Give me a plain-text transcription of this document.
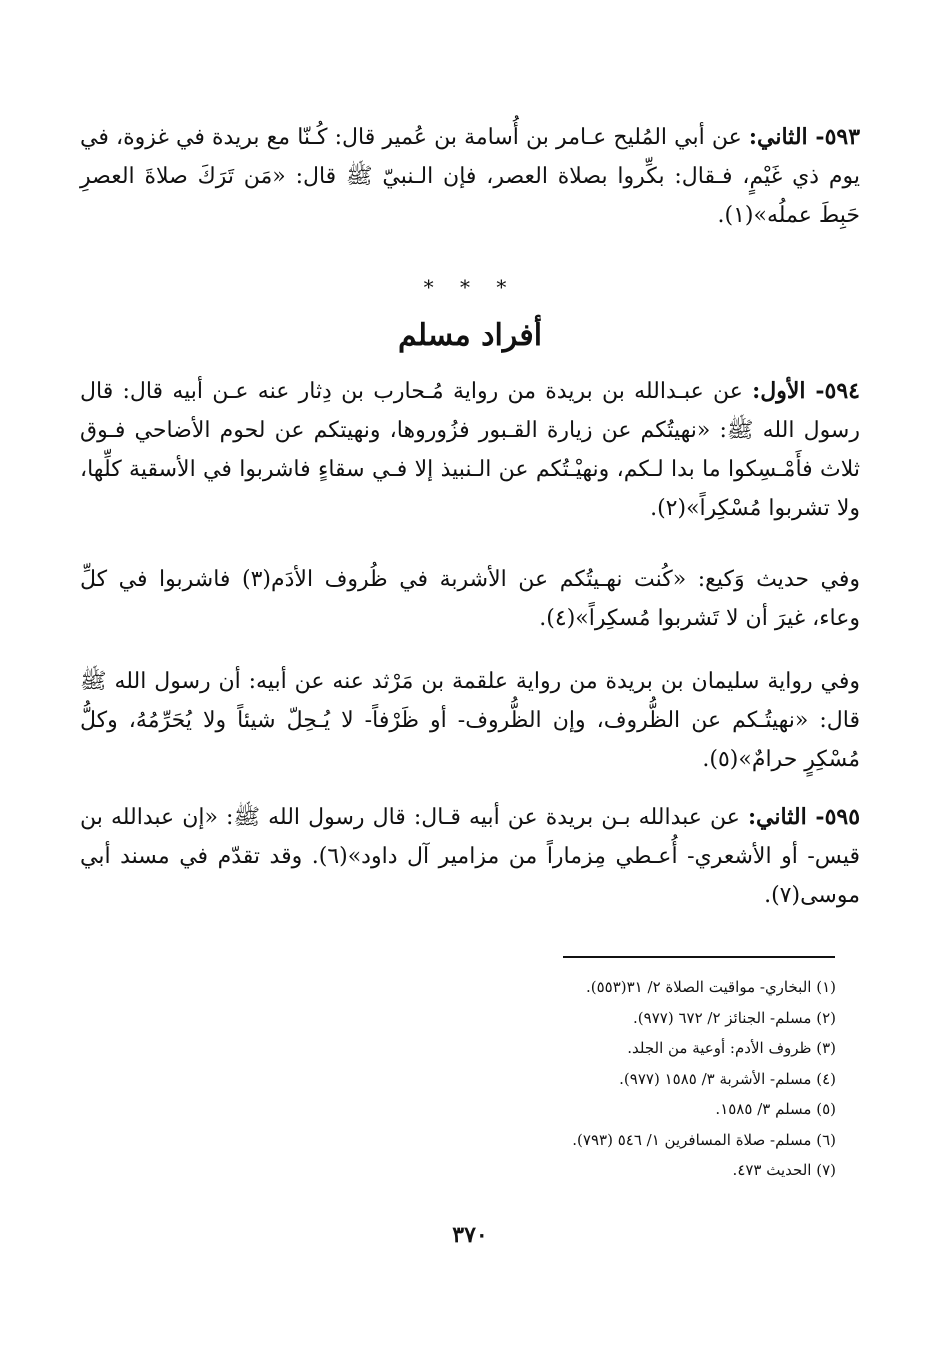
٥٩٣- الثاني: عن أبي المُليح عـامر بن أُسامة بن عُمير قال: كُـنّا مع بريدة في غزوة، في يوم ذي غَيْمٍ، فـقال: بكِّروا بصلاة العصر، فإن الـنبيّ ﷺ قال: «مَن تَرَكَ صلاةَ العصرِ حَبِطَ عملُه»(١).

* * *
أفراد مسلم

٥٩٤- الأول: عن عبـدالله بن بريدة من رواية مُـحارب بن دِثار عنه عـن أبيه قال: قال رسول الله ﷺ: «نهيتُكم عن زيارة القـبور فزُوروها، ونهيتكم عن لحوم الأضاحي فـوق ثلاث فأَمْـسِكوا ما بدا لـكم، ونهيْـتُكم عن الـنبيذ إلا فـي سقاءٍ فاشربوا في الأسقية كلِّها، ولا تشربوا مُسْكِراً»(٢).

وفي حديث وَكيع: «كُنت نهـيتُكم عن الأشربة في ظُروف الأدَم(٣) فاشربوا في كلِّ وعاء، غيرَ أن لا تَشربوا مُسكِراً»(٤).

وفي رواية سليمان بن بريدة من رواية علقمة بن مَرْثد عنه عن أبيه: أن رسول الله ﷺ قال: «نهيتُـكم عن الظُّروف، وإن الظُّروف- أو ظَرْفاً- لا يُـحِلّ شيئاً ولا يُحَرِّمُهُ، وكلُّ مُسْكِرٍ حرامٌ»(٥).

٥٩٥- الثاني: عن عبدالله بـن بريدة عن أبيه قـال: قال رسول الله ﷺ: «إن عبدالله بن قيس- أو الأشعري- أُعـطي مِزماراً من مزامير آل داود»(٦). وقد تقدّم في مسند أبي موسى(٧).

(١) البخاري- مواقيت الصلاة ٢/ ٣١(٥٥٣).
(٢) مسلم- الجنائز ٢/ ٦٧٢ (٩٧٧).
(٣) ظروف الأدم: أوعية من الجلد.
(٤) مسلم- الأشربة ٣/ ١٥٨٥ (٩٧٧).
(٥) مسلم ٣/ ١٥٨٥.
(٦) مسلم- صلاة المسافرين ١/ ٥٤٦ (٧٩٣).
(٧) الحديث ٤٧٣.
٣٧٠
